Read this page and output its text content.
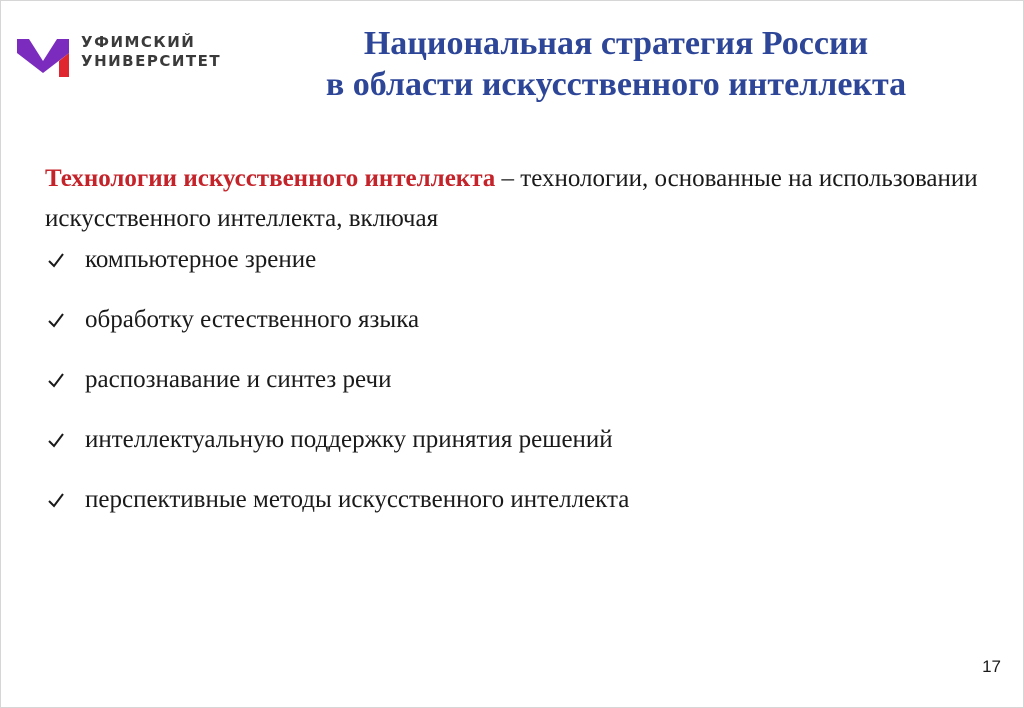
УФИМСКИЙ
УНИВЕРСИТЕТ	Национальная стратегия России
в области искусственного интеллекта
Технологии искусственного интеллекта – технологии, основанные на использовании искусственного интеллекта, включая
компьютерное зрение
обработку естественного языка
распознавание и синтез речи
интеллектуальную поддержку принятия решений
перспективные методы искусственного интеллекта
17
